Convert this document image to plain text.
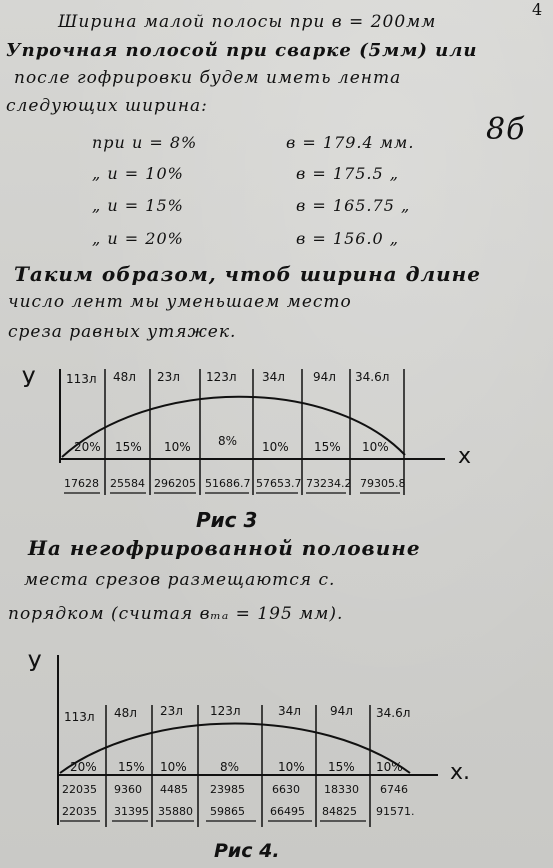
4
Ширина малой полосы при в = 200мм
Упрочная полосой при сварке (5мм) или
после гофрировки будем иметь лента
следующих ширина:
8б
при u = 8%	в = 179.4 мм.
„ u = 10%	в = 175.5 „
„ u = 15%	в = 165.75 „
„ u = 20%	в = 156.0 „
Таким образом, чтоб ширина длине
число лент мы уменьшаем место
среза равных утяжек.
У
х
113л 48л 23л 123л 34л 94л 34.6л
20% 15% 10% 8% 10% 15% 10%
17628 25584 296205 51686.7 57653.7 73234.2 79305.8
Рис 3
На негофрированной половине
места срезов размещаются с.
порядком (считая вₘₐ = 195 мм).
У
х.
113л 48л 23л 123л	34л 94л 34.6л
20% 15% 10%	8%	10% 15% 10%
22035 9360 4485 23985 6630 18330 6746
22035 31395 35880 59865 66495 84825 91571.
Рис 4.
